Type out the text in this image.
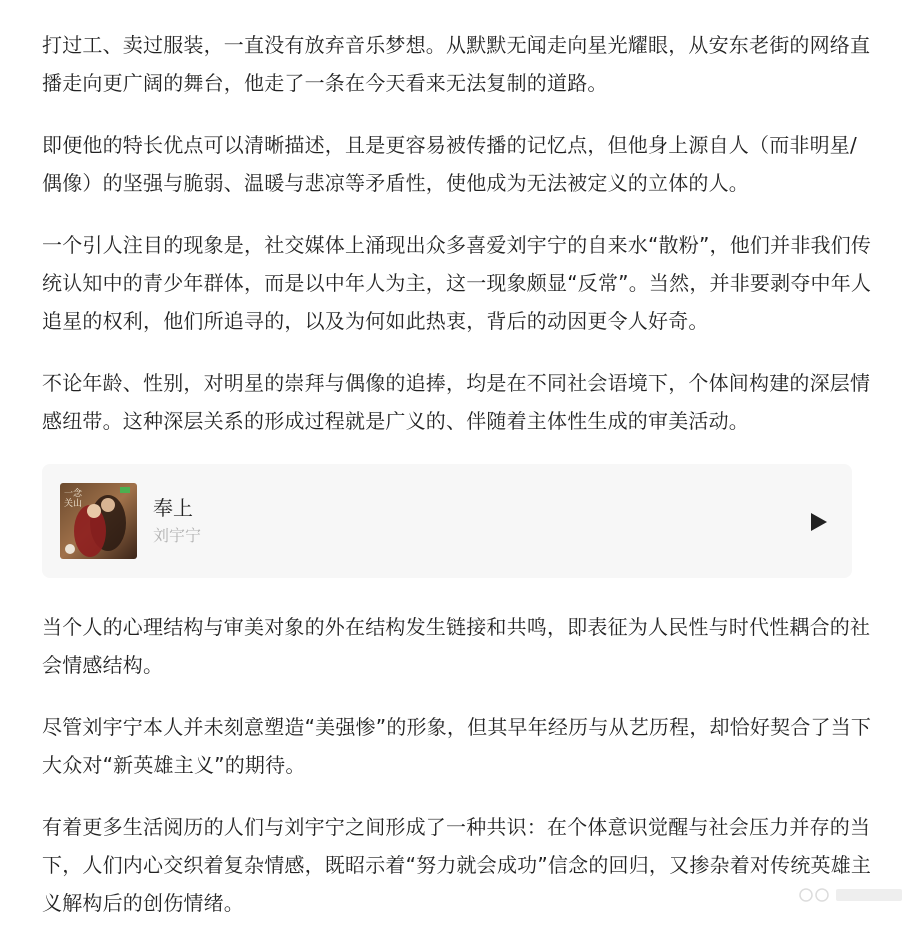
打过工、卖过服装，一直没有放弃音乐梦想。从默默无闻走向星光耀眼，从安东老街的网络直播走向更广阔的舞台，他走了一条在今天看来无法复制的道路。

即便他的特长优点可以清晰描述，且是更容易被传播的记忆点，但他身上源自人（而非明星/偶像）的坚强与脆弱、温暖与悲凉等矛盾性，使他成为无法被定义的立体的人。

一个引人注目的现象是，社交媒体上涌现出众多喜爱刘宇宁的自来水“散粉”，他们并非我们传统认知中的青少年群体，而是以中年人为主，这一现象颇显“反常”。当然，并非要剥夺中年人追星的权利，他们所追寻的，以及为何如此热衷，背后的动因更令人好奇。

不论年龄、性别，对明星的崇拜与偶像的追捧，均是在不同社会语境下，个体间构建的深层情感纽带。这种深层关系的形成过程就是广义的、伴随着主体性生成的审美活动。

一念关山	奉上
刘宇宁

当个人的心理结构与审美对象的外在结构发生链接和共鸣，即表征为人民性与时代性耦合的社会情感结构。

尽管刘宇宁本人并未刻意塑造“美强惨”的形象，但其早年经历与从艺历程，却恰好契合了当下大众对“新英雄主义”的期待。

有着更多生活阅历的人们与刘宇宁之间形成了一种共识：在个体意识觉醒与社会压力并存的当下，人们内心交织着复杂情感，既昭示着“努力就会成功”信念的回归，又掺杂着对传统英雄主义解构后的创伤情绪。
